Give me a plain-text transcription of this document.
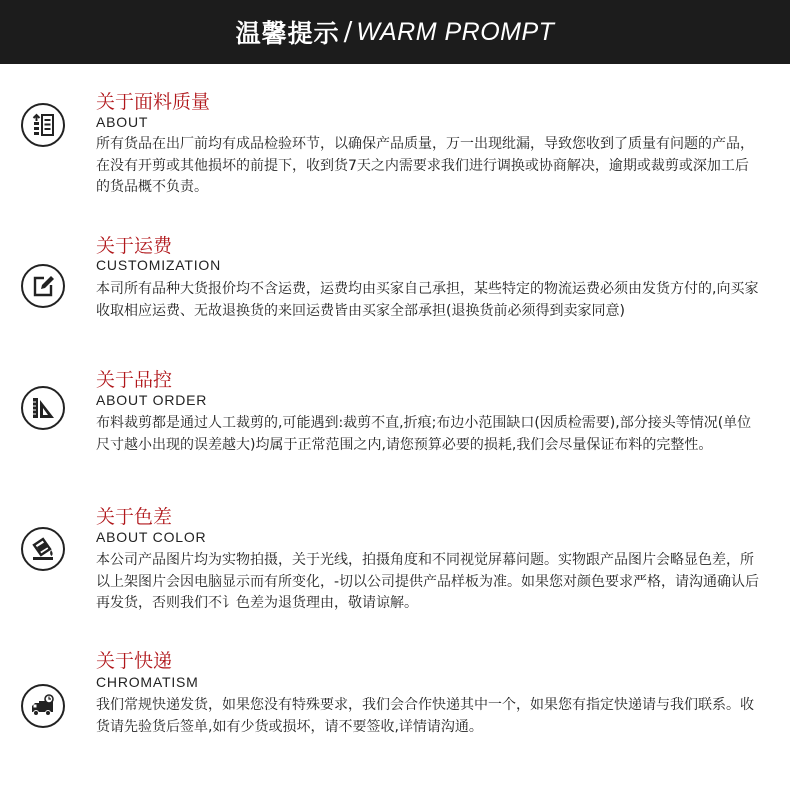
温馨提示 / WARM PROMPT
关于面料质量
ABOUT
所有货品在出厂前均有成品检验环节，以确保产品质量，万一出现纰漏，导致您收到了质量有问题的产品，在没有开剪或其他损坏的前提下，收到货7天之内需要求我们进行调换或协商解决，逾期或裁剪或深加工后的货品概不负责。
关于运费
CUSTOMIZATION
本司所有品种大货报价均不含运费，运费均由买家自己承担，某些特定的物流运费必须由发货方付的,向买家收取相应运费、无故退换货的来回运费皆由买家全部承担(退换货前必须得到卖家同意)
关于品控
ABOUT ORDER
布料裁剪都是通过人工裁剪的,可能遇到:裁剪不直,折痕;布边小范围缺口(因质检需要),部分接头等情况(单位尺寸越小出现的误差越大)均属于正常范围之内,请您预算必要的损耗,我们会尽量保证布料的完整性。
关于色差
ABOUT COLOR
本公司产品图片均为实物拍摄，关于光线，拍摄角度和不同视觉屏幕问题。实物跟产品图片会略显色差，所以上架图片会因电脑显示而有所变化，-切以公司提供产品样板为准。如果您对颜色要求严格，请沟通确认后再发货，否则我们不讠色差为退货理由，敬请谅解。
关于快递
CHROMATISM
我们常规快递发货，如果您没有特殊要求，我们会合作快递其中一个，如果您有指定快递请与我们联系。收货请先验货后签单,如有少货或损坏，请不要签收,详情请沟通。
